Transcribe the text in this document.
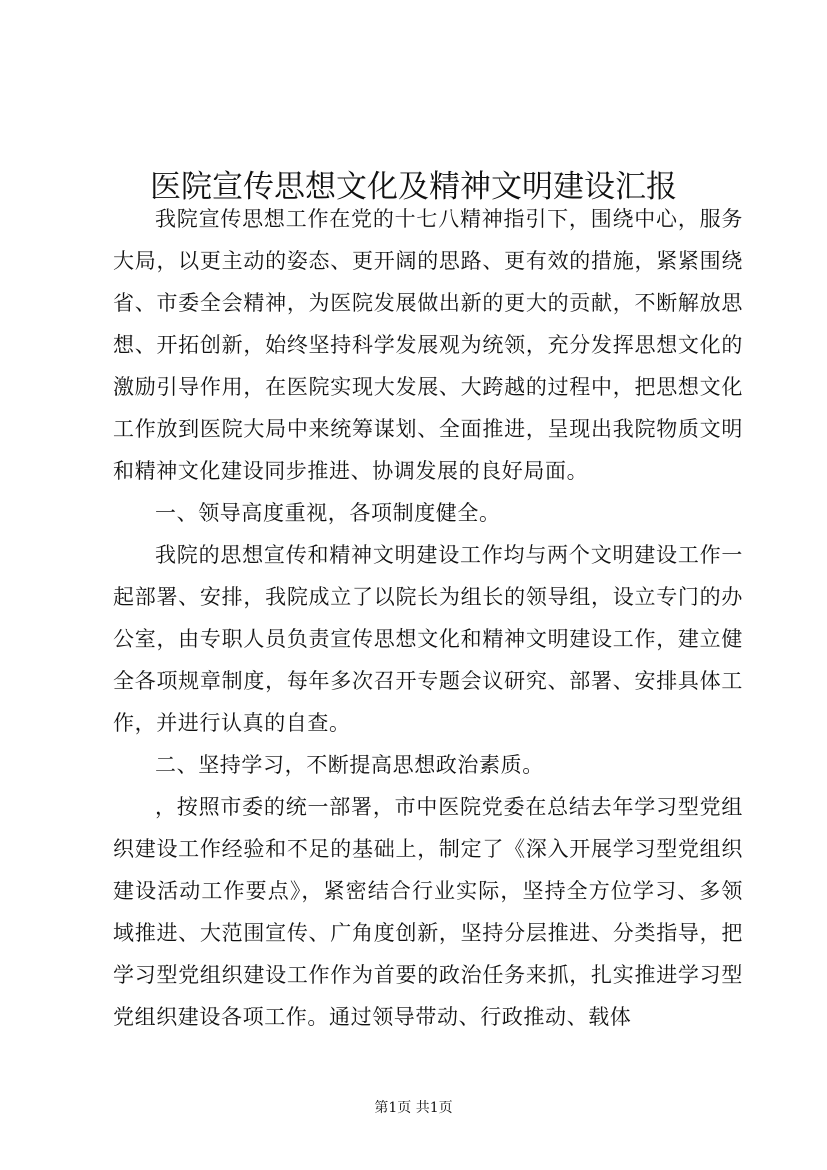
医院宣传思想文化及精神文明建设汇报

我院宣传思想工作在党的十七八精神指引下，围绕中心，服务大局，以更主动的姿态、更开阔的思路、更有效的措施，紧紧围绕省、市委全会精神，为医院发展做出新的更大的贡献，不断解放思想、开拓创新，始终坚持科学发展观为统领，充分发挥思想文化的激励引导作用，在医院实现大发展、大跨越的过程中，把思想文化工作放到医院大局中来统筹谋划、全面推进，呈现出我院物质文明和精神文化建设同步推进、协调发展的良好局面。

一、领导高度重视，各项制度健全。

我院的思想宣传和精神文明建设工作均与两个文明建设工作一起部署、安排，我院成立了以院长为组长的领导组，设立专门的办公室，由专职人员负责宣传思想文化和精神文明建设工作，建立健全各项规章制度，每年多次召开专题会议研究、部署、安排具体工作，并进行认真的自查。

二、坚持学习，不断提高思想政治素质。

，按照市委的统一部署，市中医院党委在总结去年学习型党组织建设工作经验和不足的基础上，制定了《深入开展学习型党组织建设活动工作要点》，紧密结合行业实际，坚持全方位学习、多领域推进、大范围宣传、广角度创新，坚持分层推进、分类指导，把学习型党组织建设工作作为首要的政治任务来抓，扎实推进学习型党组织建设各项工作。通过领导带动、行政推动、载体

第1页 共1页
